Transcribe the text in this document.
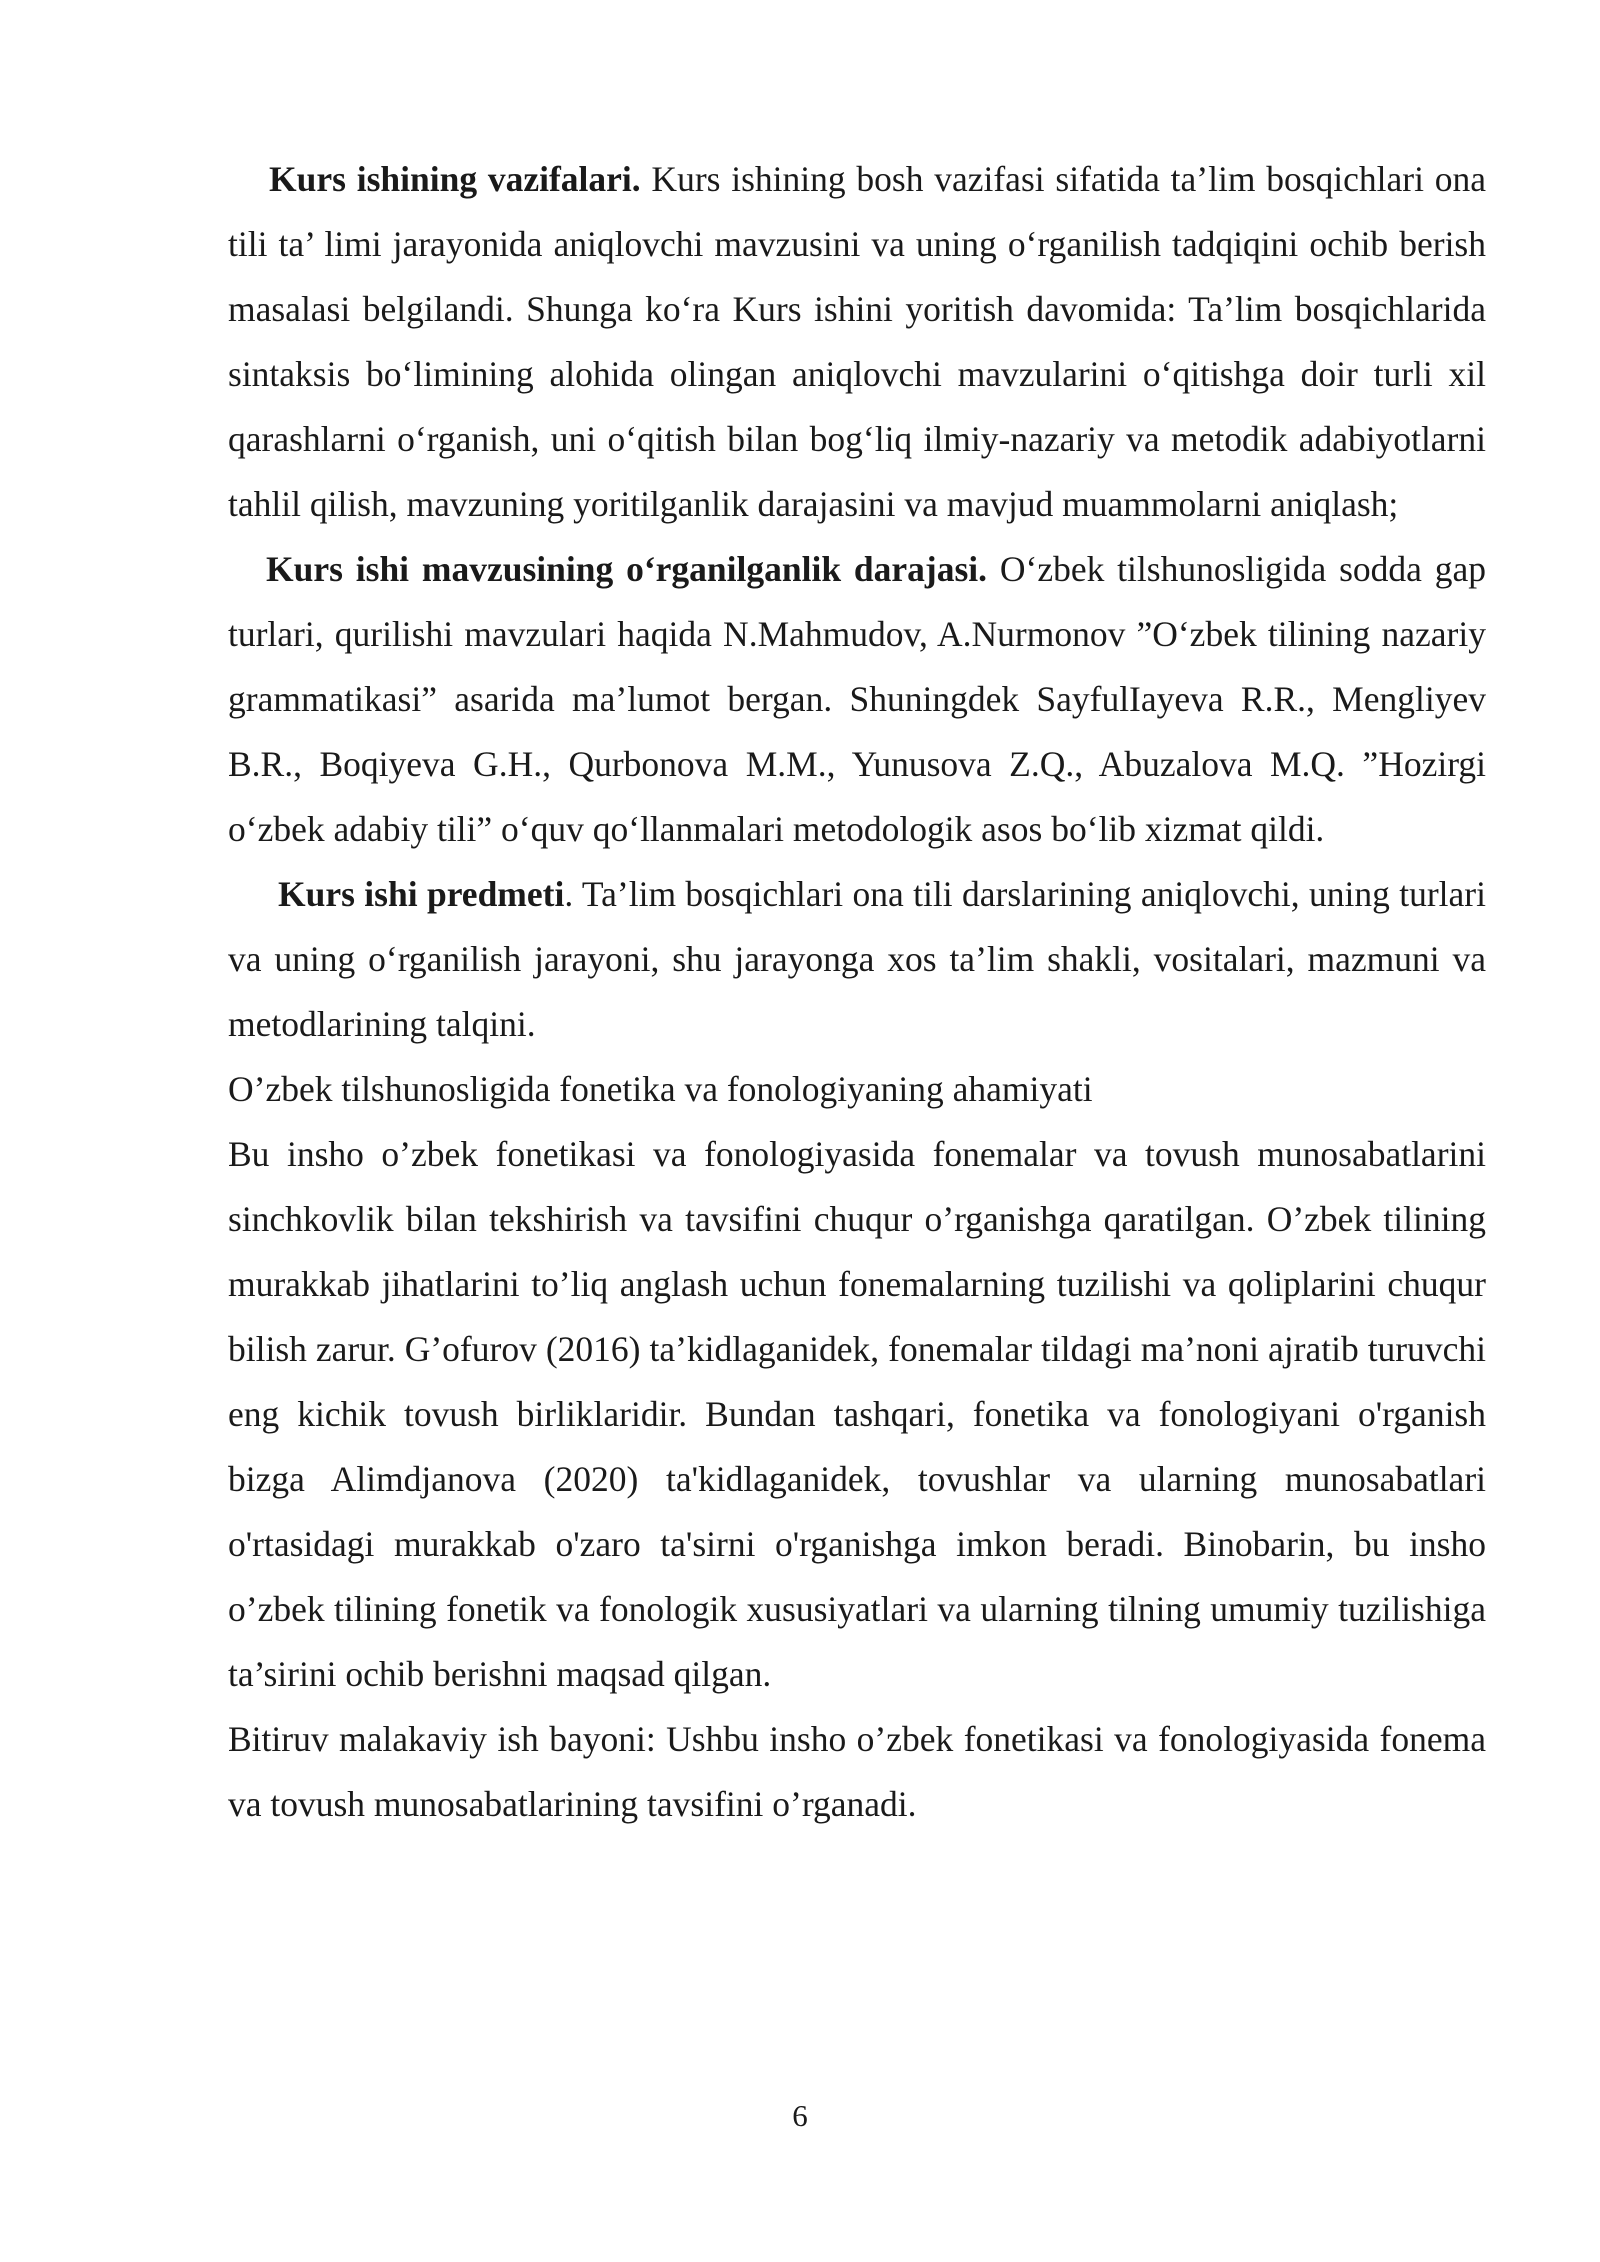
Kurs ishining vazifalari. Kurs ishining bosh vazifasi sifatida ta’lim bosqichlari ona tili ta’ limi jarayonida aniqlovchi mavzusini va uning o‘rganilish tadqiqini ochib berish masalasi belgilandi. Shunga ko‘ra Kurs ishini yoritish davomida: Ta’lim bosqichlarida sintaksis bo‘limining alohida olingan aniqlovchi mavzularini o‘qitishga doir turli xil qarashlarni o‘rganish, uni o‘qitish bilan bog‘liq ilmiy-nazariy va metodik adabiyotlarni tahlil qilish, mavzuning yoritilganlik darajasini va mavjud muammolarni aniqlash;

Kurs ishi mavzusining o‘rganilganlik darajasi. O‘zbek tilshunosligida sodda gap turlari, qurilishi mavzulari haqida N.Mahmudov, A.Nurmonov ”O‘zbek tilining nazariy grammatikasi” asarida ma’lumot bergan. Shuningdek SayfulIayeva R.R., Mengliyev B.R., Boqiyeva G.H., Qurbonova M.M., Yunusova Z.Q., Abuzalova M.Q. ”Hozirgi o‘zbek adabiy tili” o‘quv qo‘llanmalari metodologik asos bo‘lib xizmat qildi.

Kurs ishi predmeti. Ta’lim bosqichlari ona tili darslarining aniqlovchi, uning turlari va uning o‘rganilish jarayoni, shu jarayonga xos ta’lim shakli, vositalari, mazmuni va metodlarining talqini.

O’zbek tilshunosligida fonetika va fonologiyaning ahamiyati

Bu insho o’zbek fonetikasi va fonologiyasida fonemalar va tovush munosabatlarini sinchkovlik bilan tekshirish va tavsifini chuqur o’rganishga qaratilgan. O’zbek tilining murakkab jihatlarini to’liq anglash uchun fonemalarning tuzilishi va qoliplarini chuqur bilish zarur. G’ofurov (2016) ta’kidlaganidek, fonemalar tildagi ma’noni ajratib turuvchi eng kichik tovush birliklaridir. Bundan tashqari, fonetika va fonologiyani o'rganish bizga Alimdjanova (2020) ta'kidlaganidek, tovushlar va ularning munosabatlari o'rtasidagi murakkab o'zaro ta'sirni o'rganishga imkon beradi. Binobarin, bu insho o’zbek tilining fonetik va fonologik xususiyatlari va ularning tilning umumiy tuzilishiga ta’sirini ochib berishni maqsad qilgan.

Bitiruv malakaviy ish bayoni: Ushbu insho o’zbek fonetikasi va fonologiyasida fonema va tovush munosabatlarining tavsifini o’rganadi.

6
